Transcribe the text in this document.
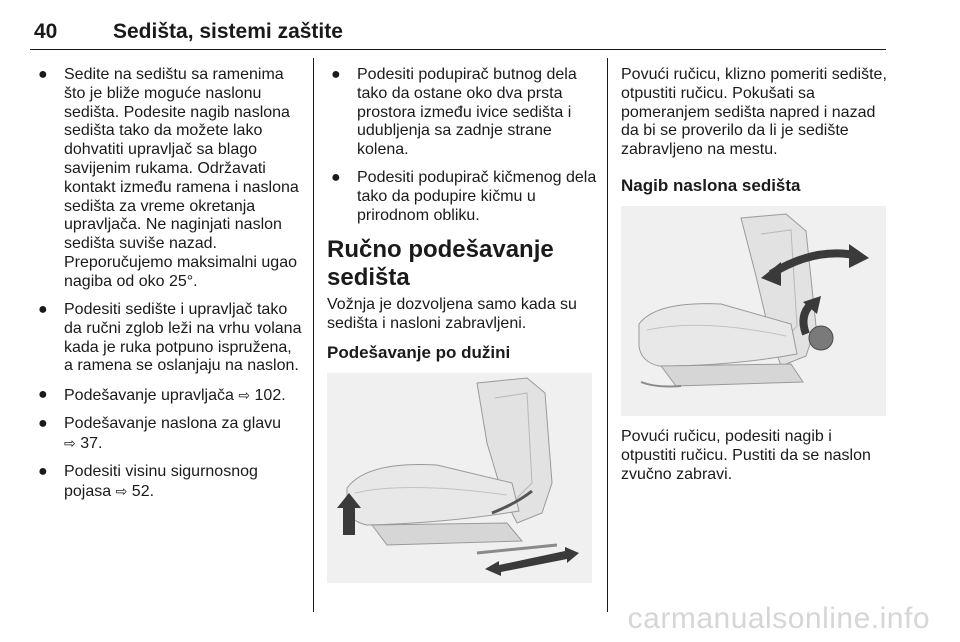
40	Sedišta, sistemi zaštite
● Sedite na sedištu sa ramenima što je bliže moguće naslonu sedišta. Podesite nagib naslona sedišta tako da možete lako dohvatiti upravljač sa blago savijenim rukama. Održavati kontakt između ramena i naslona sedišta za vreme okretanja upravljača. Ne naginjati naslon sedišta suviše nazad. Preporučujemo maksimalni ugao nagiba od oko 25°.
● Podesiti sedište i upravljač tako da ručni zglob leži na vrhu volana kada je ruka potpuno ispružena, a ramena se oslanjaju na naslon.
● Podešavanje upravljača ⇨ 102.
● Podešavanje naslona za glavu
⇨ 37.
● Podesiti visinu sigurnosnog pojasa ⇨ 52.
● Podesiti podupirač butnog dela tako da ostane oko dva prsta prostora između ivice sedišta i udubljenja sa zadnje strane kolena.
● Podesiti podupirač kičmenog dela tako da podupire kičmu u prirodnom obliku.
Ručno podešavanje sedišta

Vožnja je dozvoljena samo kada su sedišta i nasloni zabravljeni.

Podešavanje po dužini

Povući ručicu, klizno pomeriti sedište, otpustiti ručicu. Pokušati sa pomeranjem sedišta napred i nazad da bi se proverilo da li je sedište zabravljeno na mestu.

Nagib naslona sedišta

Povući ručicu, podesiti nagib i otpustiti ručicu. Pustiti da se naslon zvučno zabravi.

carmanualsonline.info
